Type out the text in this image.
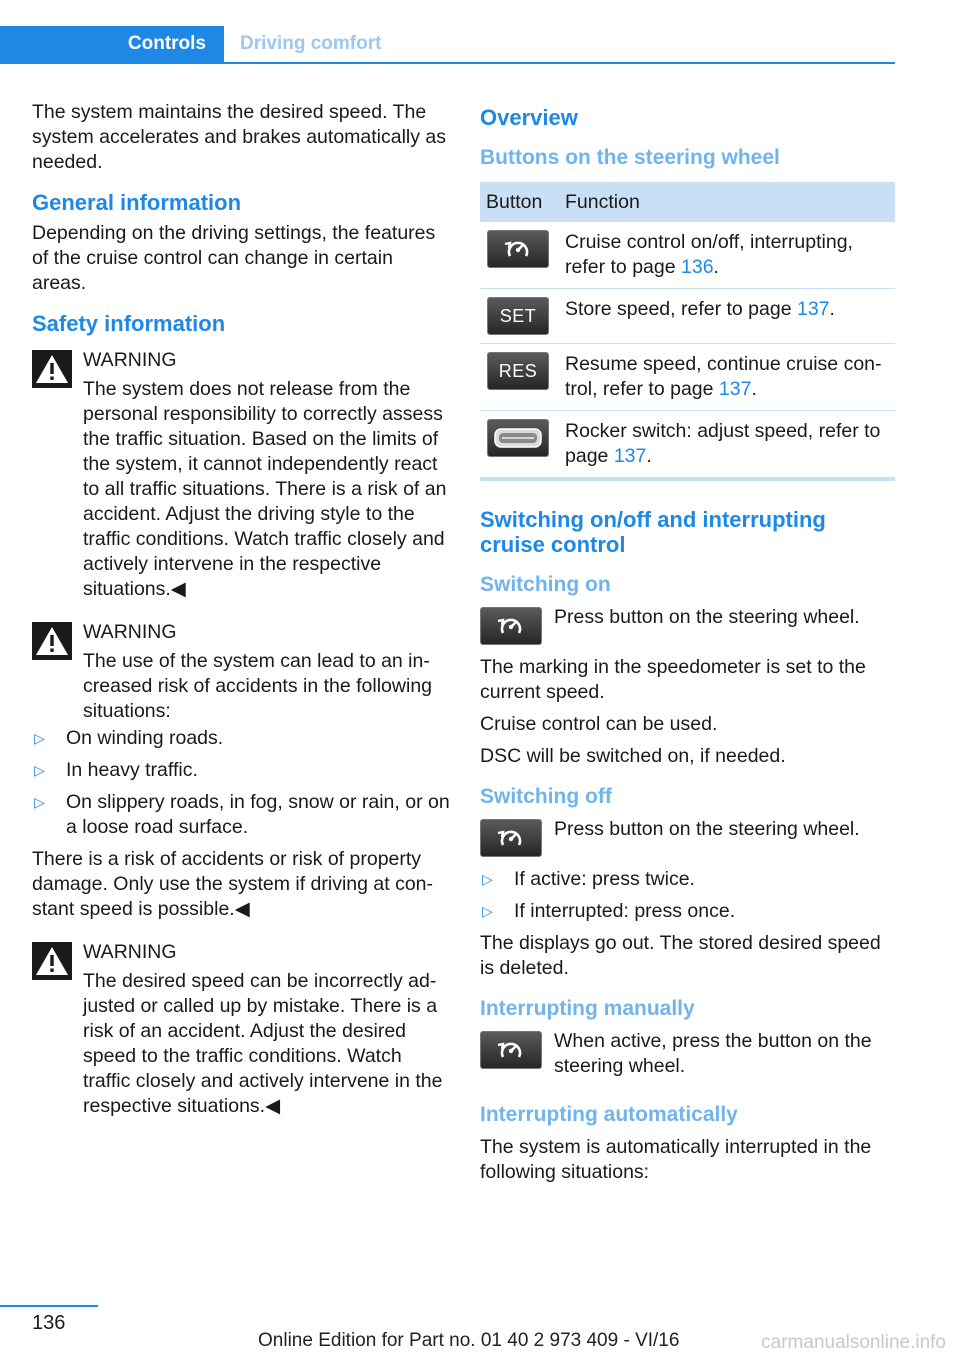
Controls Driving comfort

The system maintains the desired speed. The system accelerates and brakes automatically as needed.

General information

Depending on the driving settings, the features of the cruise control can change in certain areas.

Safety information
WARNING
The system does not release from the personal responsibility to correctly assess the traffic situation. Based on the limits of the system, it cannot independently react to all traffic situations. There is a risk of an accident. Adjust the driving style to the traffic conditions. Watch traffic closely and actively intervene in the respective situations.◀
WARNING
The use of the system can lead to an increased risk of accidents in the following situations:
▷ On winding roads.
▷ In heavy traffic.
▷ On slippery roads, in fog, snow or rain, or on a loose road surface.

There is a risk of accidents or risk of property damage. Only use the system if driving at constant speed is possible.◀

WARNING
The desired speed can be incorrectly adjusted or called up by mistake. There is a risk of an accident. Adjust the desired speed to the traffic conditions. Watch traffic closely and actively intervene in the respective situations.◀
Overview
Buttons on the steering wheel
Button	Function

	Cruise control on/off, interrupting, refer to page 136.

SET	Store speed, refer to page 137.

RES	Resume speed, continue cruise control, refer to page 137.

	Rocker switch: adjust speed, refer to page 137.
Switching on/off and interrupting cruise control
Switching on
Press button on the steering wheel.

The marking in the speedometer is set to the current speed.

Cruise control can be used.

DSC will be switched on, if needed.

Switching off
Press button on the steering wheel.
▷ If active: press twice.
▷ If interrupted: press once.

The displays go out. The stored desired speed is deleted.

Interrupting manually
When active, press the button on the steering wheel.
Interrupting automatically

The system is automatically interrupted in the following situations:

136
Online Edition for Part no. 01 40 2 973 409 - VI/16	carmanualsonline.info
